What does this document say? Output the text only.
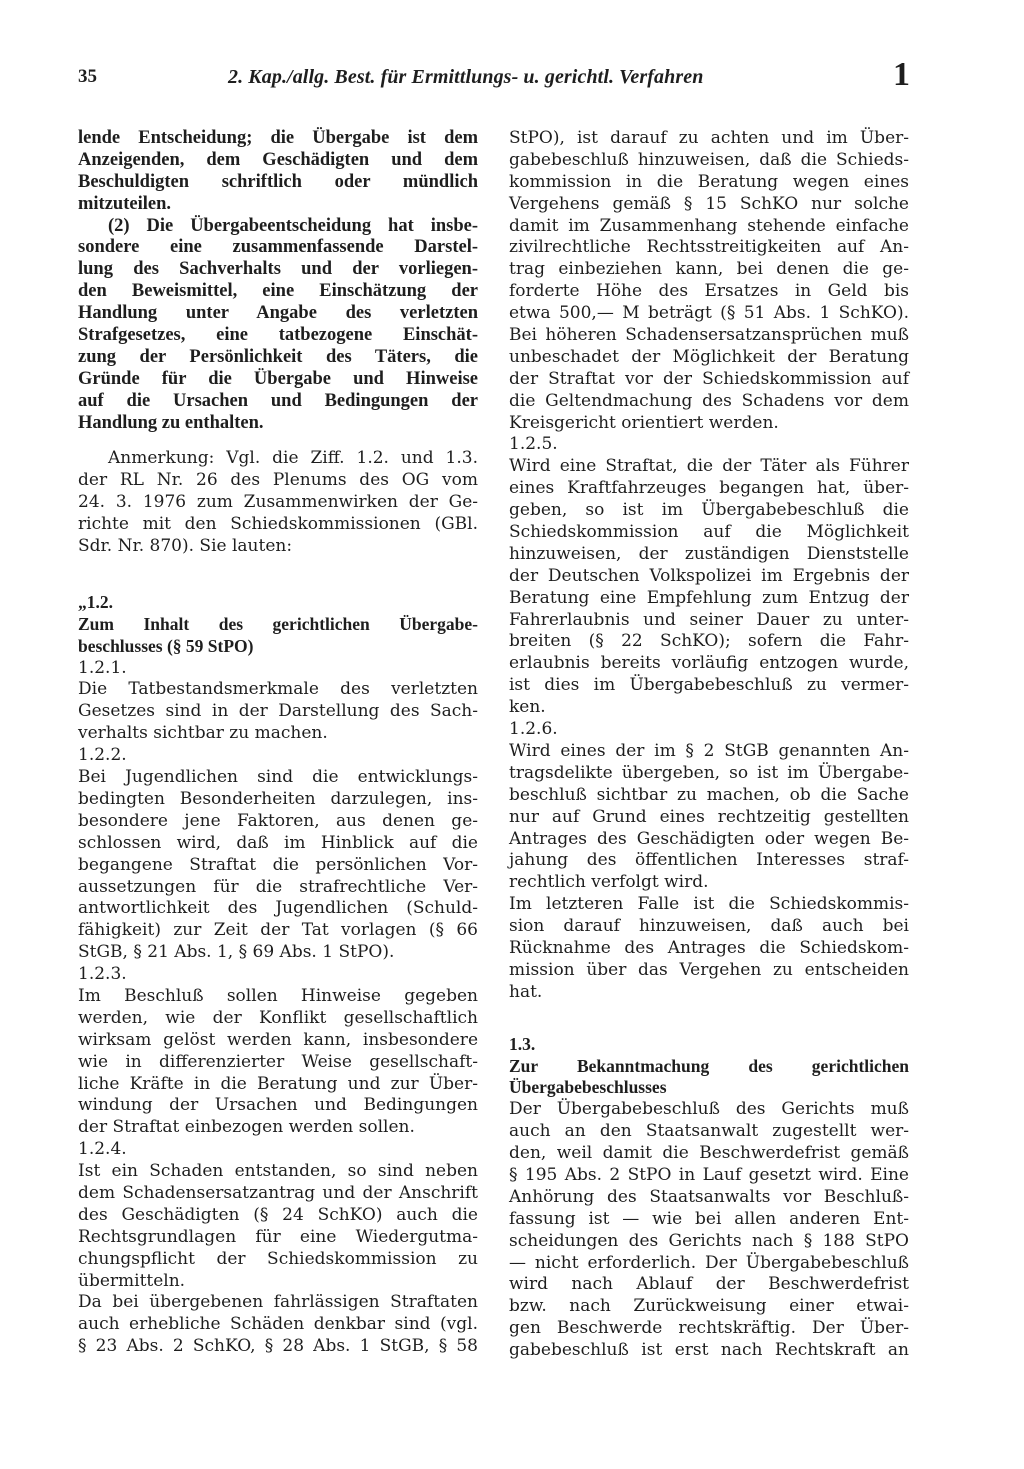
35	2. Kap./allg. Best. für Ermittlungs- u. gerichtl. Verfahren	1

lende Entscheidung; die Übergabe ist dem
Anzeigenden, dem Geschädigten und dem
Beschuldigten schriftlich oder mündlich
mitzuteilen.

(2) Die Übergabeentscheidung hat insbe-
sondere eine zusammenfassende Darstel-
lung des Sachverhalts und der vorliegen-
den Beweismittel, eine Einschätzung der
Handlung unter Angabe des verletzten
Strafgesetzes, eine tatbezogene Einschät-
zung der Persönlichkeit des Täters, die
Gründe für die Übergabe und Hinweise
auf die Ursachen und Bedingungen der
Handlung zu enthalten.

Anmerkung: Vgl. die Ziff. 1.2. und 1.3.
der RL Nr. 26 des Plenums des OG vom
24. 3. 1976 zum Zusammenwirken der Ge-
richte mit den Schiedskommissionen (GBl.
Sdr. Nr. 870). Sie lauten:

„1.2.

Zum Inhalt des gerichtlichen Übergabe-
beschlusses (§ 59 StPO)

1.2.1.

Die Tatbestandsmerkmale des verletzten
Gesetzes sind in der Darstellung des Sach-
verhalts sichtbar zu machen.

1.2.2.

Bei Jugendlichen sind die entwicklungs-
bedingten Besonderheiten darzulegen, ins-
besondere jene Faktoren, aus denen ge-
schlossen wird, daß im Hinblick auf die
begangene Straftat die persönlichen Vor-
aussetzungen für die strafrechtliche Ver-
antwortlichkeit des Jugendlichen (Schuld-
fähigkeit) zur Zeit der Tat vorlagen (§ 66
StGB, § 21 Abs. 1, § 69 Abs. 1 StPO).

1.2.3.

Im Beschluß sollen Hinweise gegeben
werden, wie der Konflikt gesellschaftlich
wirksam gelöst werden kann, insbesondere
wie in differenzierter Weise gesellschaft-
liche Kräfte in die Beratung und zur Über-
windung der Ursachen und Bedingungen
der Straftat einbezogen werden sollen.

1.2.4.

Ist ein Schaden entstanden, so sind neben
dem Schadensersatzantrag und der Anschrift
des Geschädigten (§ 24 SchKO) auch die
Rechtsgrundlagen für eine Wiedergutma-
chungspflicht der Schiedskommission zu
übermitteln.
Da bei übergebenen fahrlässigen Straftaten
auch erhebliche Schäden denkbar sind (vgl.
§ 23 Abs. 2 SchKO, § 28 Abs. 1 StGB, § 58

StPO), ist darauf zu achten und im Über-
gabebeschluß hinzuweisen, daß die Schieds-
kommission in die Beratung wegen eines
Vergehens gemäß § 15 SchKO nur solche
damit im Zusammenhang stehende einfache
zivilrechtliche Rechtsstreitigkeiten auf An-
trag einbeziehen kann, bei denen die ge-
forderte Höhe des Ersatzes in Geld bis
etwa 500,— M beträgt (§ 51 Abs. 1 SchKO).
Bei höheren Schadensersatzansprüchen muß
unbeschadet der Möglichkeit der Beratung
der Straftat vor der Schiedskommission auf
die Geltendmachung des Schadens vor dem
Kreisgericht orientiert werden.

1.2.5.

Wird eine Straftat, die der Täter als Führer
eines Kraftfahrzeuges begangen hat, über-
geben, so ist im Übergabebeschluß die
Schiedskommission auf die Möglichkeit
hinzuweisen, der zuständigen Dienststelle
der Deutschen Volkspolizei im Ergebnis der
Beratung eine Empfehlung zum Entzug der
Fahrerlaubnis und seiner Dauer zu unter-
breiten (§ 22 SchKO); sofern die Fahr-
erlaubnis bereits vorläufig entzogen wurde,
ist dies im Übergabebeschluß zu vermer-
ken.

1.2.6.

Wird eines der im § 2 StGB genannten An-
tragsdelikte übergeben, so ist im Übergabe-
beschluß sichtbar zu machen, ob die Sache
nur auf Grund eines rechtzeitig gestellten
Antrages des Geschädigten oder wegen Be-
jahung des öffentlichen Interesses straf-
rechtlich verfolgt wird.
Im letzteren Falle ist die Schiedskommis-
sion darauf hinzuweisen, daß auch bei
Rücknahme des Antrages die Schiedskom-
mission über das Vergehen zu entscheiden
hat.

1.3.

Zur Bekanntmachung des gerichtlichen
Übergabebeschlusses

Der Übergabebeschluß des Gerichts muß
auch an den Staatsanwalt zugestellt wer-
den, weil damit die Beschwerdefrist gemäß
§ 195 Abs. 2 StPO in Lauf gesetzt wird. Eine
Anhörung des Staatsanwalts vor Beschluß-
fassung ist — wie bei allen anderen Ent-
scheidungen des Gerichts nach § 188 StPO
— nicht erforderlich. Der Übergabebeschluß
wird nach Ablauf der Beschwerdefrist
bzw. nach Zurückweisung einer etwai-
gen Beschwerde rechtskräftig. Der Über-
gabebeschluß ist erst nach Rechtskraft an
